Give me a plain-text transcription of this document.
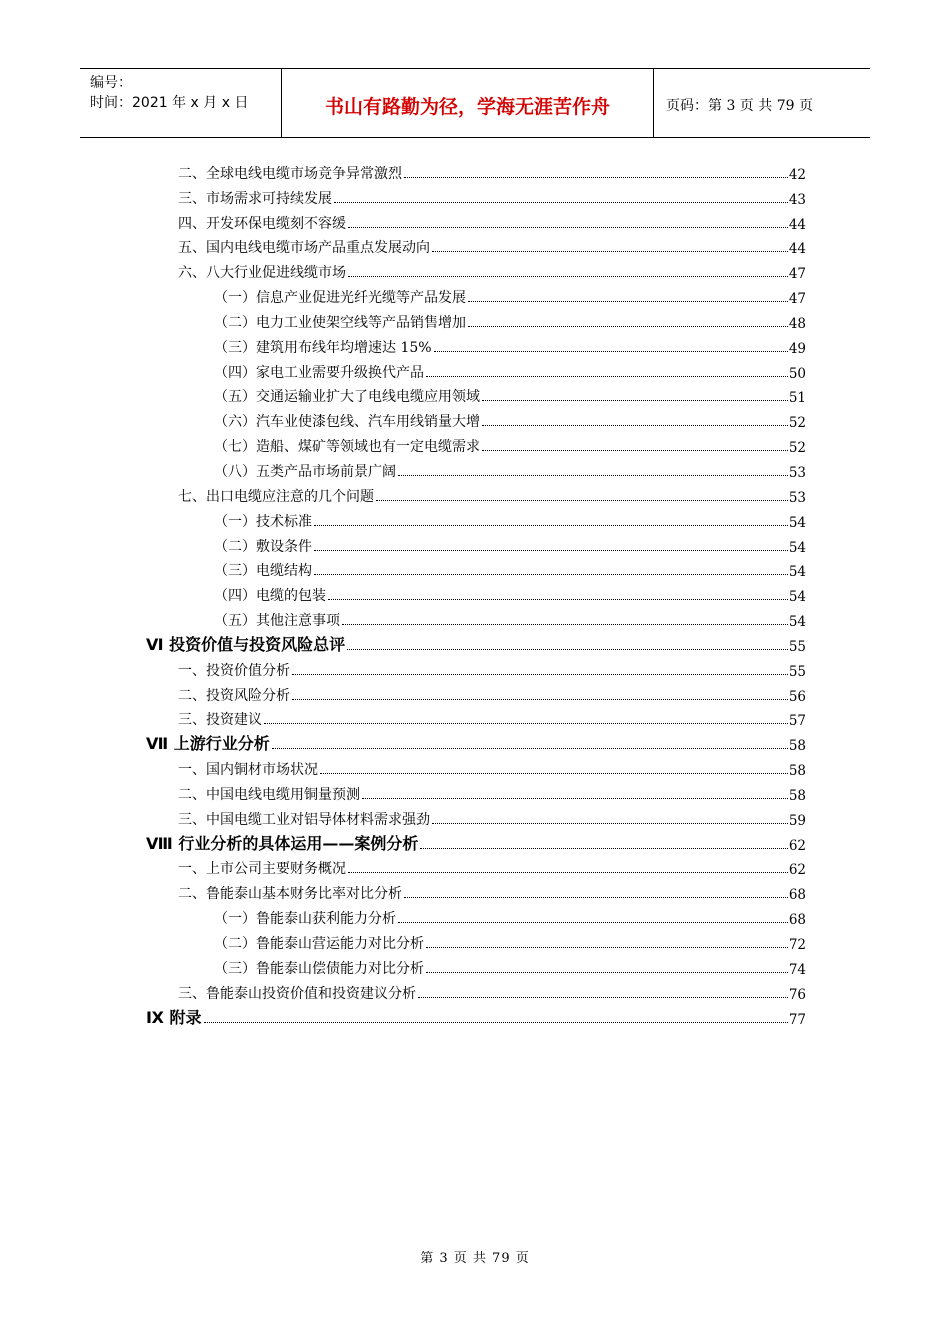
编号：
时间：2021 年 x 月 x 日	书山有路勤为径，学海无涯苦作舟	页码：第 3 页 共 79 页
二、全球电线电缆市场竞争异常激烈	42
三、市场需求可持续发展	43
四、开发环保电缆刻不容缓	44
五、国内电线电缆市场产品重点发展动向	44
六、八大行业促进线缆市场	47
（一）信息产业促进光纤光缆等产品发展	47
（二）电力工业使架空线等产品销售增加	48
（三）建筑用布线年均增速达 15%	49
（四）家电工业需要升级换代产品	50
（五）交通运输业扩大了电线电缆应用领域	51
（六）汽车业使漆包线、汽车用线销量大增	52
（七）造船、煤矿等领域也有一定电缆需求	52
（八）五类产品市场前景广阔	53
七、出口电缆应注意的几个问题	53
（一）技术标准	54
（二）敷设条件	54
（三）电缆结构	54
（四）电缆的包装	54
（五）其他注意事项	54
Ⅵ 投资价值与投资风险总评	55
一、投资价值分析	55
二、投资风险分析	56
三、投资建议	57
Ⅶ 上游行业分析	58
一、国内铜材市场状况	58
二、中国电线电缆用铜量预测	58
三、中国电缆工业对铝导体材料需求强劲	59
Ⅷ 行业分析的具体运用——案例分析	62
一、上市公司主要财务概况	62
二、鲁能泰山基本财务比率对比分析	68
（一）鲁能泰山获利能力分析	68
（二）鲁能泰山营运能力对比分析	72
（三）鲁能泰山偿债能力对比分析	74
三、鲁能泰山投资价值和投资建议分析	76
Ⅸ 附录	77
第 3 页 共 79 页
